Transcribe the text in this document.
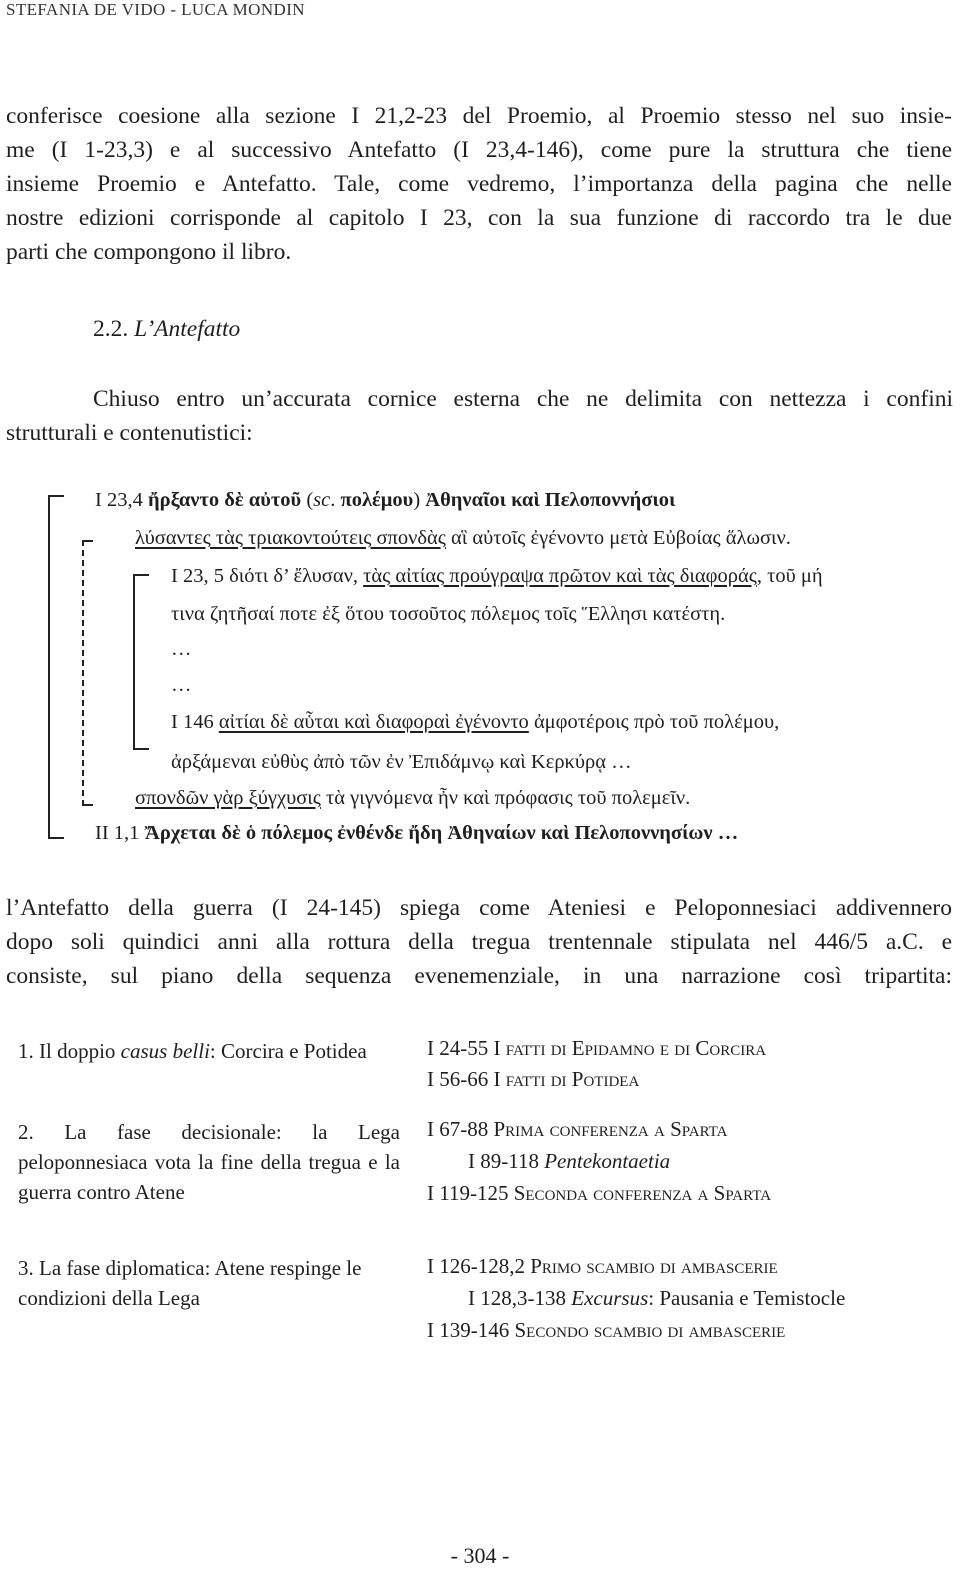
STEFANIA DE VIDO - LUCA MONDIN
conferisce coesione alla sezione I 21,2-23 del Proemio, al Proemio stesso nel suo insie-
me (I 1-23,3) e al successivo Antefatto (I 23,4-146), come pure la struttura che tiene
insieme Proemio e Antefatto. Tale, come vedremo, l’importanza della pagina che nelle
nostre edizioni corrisponde al capitolo I 23, con la sua funzione di raccordo tra le due
parti che compongono il libro.
2.2. L’Antefatto
Chiuso entro un’accurata cornice esterna che ne delimita con nettezza i confini
strutturali e contenutistici:
I 23,4 ἤρξαντο δὲ αὐτοῦ (sc. πολέμου) Ἀθηναῖοι καὶ Πελοποννήσιοι
λύσαντες τὰς τριακοντούτεις σπονδὰς αἳ αὐτοῖς ἐγένοντο μετὰ Εὐβοίας ἅλωσιν.
I 23, 5 διότι δ’ ἔλυσαν, τὰς αἰτίας προύγραψα πρῶτον καὶ τὰς διαφοράς, τοῦ μή
τινα ζητῆσαί ποτε ἐξ ὅτου τοσοῦτος πόλεμος τοῖς Ἕλλησι κατέστη.
…
…
I 146 αἰτίαι δὲ αὗται καὶ διαφοραὶ ἐγένοντο ἀμφοτέροις πρὸ τοῦ πολέμου,
ἀρξάμεναι εὐθὺς ἀπὸ τῶν ἐν Ἐπιδάμνῳ καὶ Κερκύρᾳ …
σπονδῶν γὰρ ξύγχυσις τὰ γιγνόμενα ἦν καὶ πρόφασις τοῦ πολεμεῖν.
II 1,1 Ἄρχεται δὲ ὁ πόλεμος ἐνθένδε ἤδη Ἀθηναίων καὶ Πελοποννησίων …
l’Antefatto della guerra (I 24-145) spiega come Ateniesi e Peloponnesiaci addivennero
dopo soli quindici anni alla rottura della tregua trentennale stipulata nel 446/5 a.C. e
consiste, sul piano della sequenza evenemenziale, in una narrazione così tripartita:
1. Il doppio casus belli: Corcira e Potidea	I 24-55 I fatti di Epidamno e di Corcira
I 56-66 I fatti di Potidea
2. La fase decisionale: la Lega peloponnesiaca vota la fine della tregua e la guerra contro Atene
I 67-88 Prima conferenza a Sparta
I 89-118 Pentekontaetia
I 119-125 Seconda conferenza a Sparta
3. La fase diplomatica: Atene respinge le condizioni della Lega
I 126-128,2 Primo scambio di ambascerie
I 128,3-138 Excursus: Pausania e Temistocle
I 139-146 Secondo scambio di ambascerie
- 304 -
